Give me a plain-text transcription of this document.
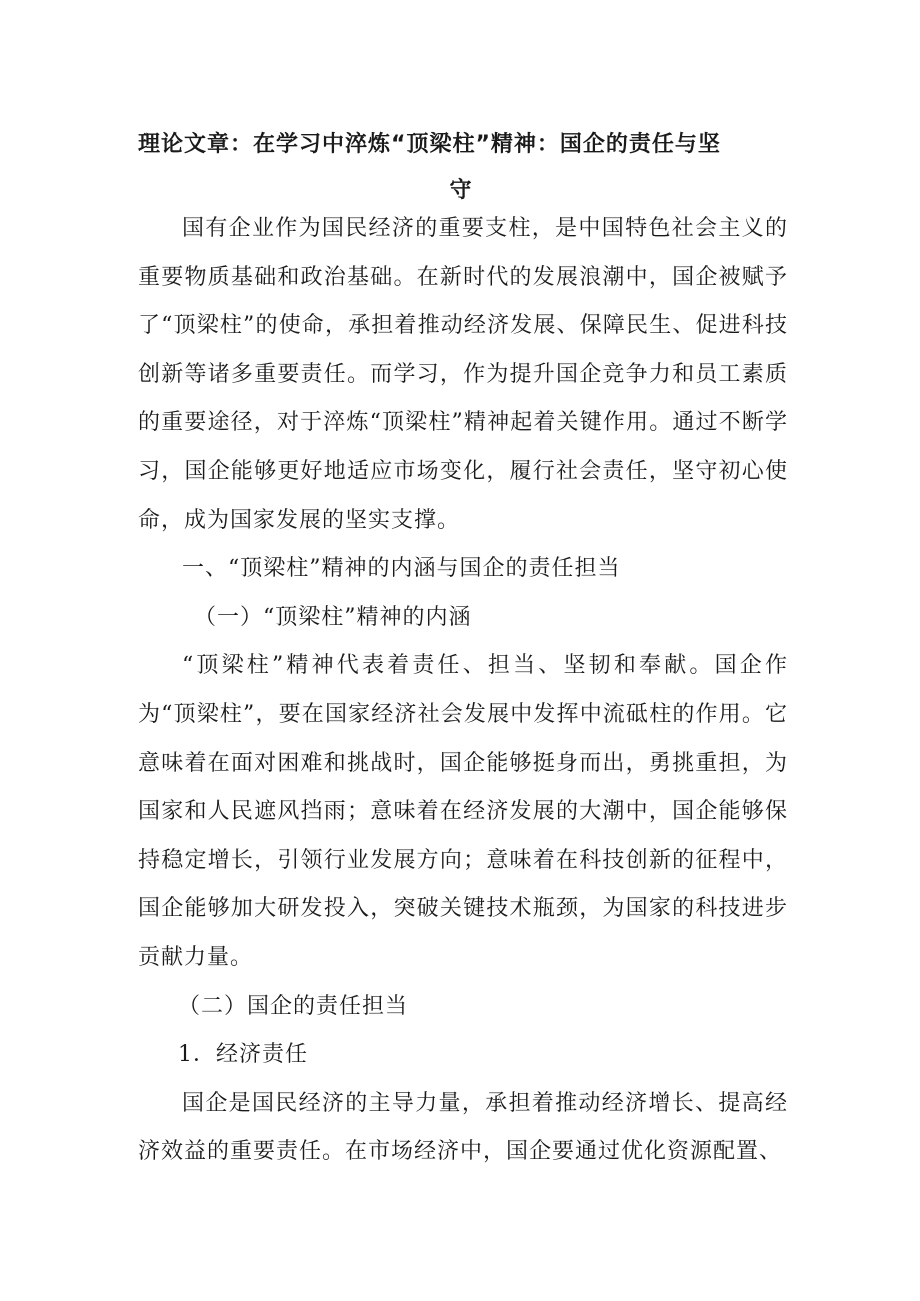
理论文章：在学习中淬炼“顶梁柱”精神：国企的责任与坚
守

国有企业作为国民经济的重要支柱，是中国特色社会主义的重要物质基础和政治基础。在新时代的发展浪潮中，国企被赋予了“顶梁柱”的使命，承担着推动经济发展、保障民生、促进科技创新等诸多重要责任。而学习，作为提升国企竞争力和员工素质的重要途径，对于淬炼“顶梁柱”精神起着关键作用。通过不断学习，国企能够更好地适应市场变化，履行社会责任，坚守初心使命，成为国家发展的坚实支撑。

一、“顶梁柱”精神的内涵与国企的责任担当

（一）“顶梁柱”精神的内涵

“顶梁柱”精神代表着责任、担当、坚韧和奉献。国企作为“顶梁柱”，要在国家经济社会发展中发挥中流砥柱的作用。它意味着在面对困难和挑战时，国企能够挺身而出，勇挑重担，为国家和人民遮风挡雨；意味着在经济发展的大潮中，国企能够保持稳定增长，引领行业发展方向；意味着在科技创新的征程中，国企能够加大研发投入，突破关键技术瓶颈，为国家的科技进步贡献力量。

（二）国企的责任担当

1．经济责任

国企是国民经济的主导力量，承担着推动经济增长、提高经济效益的重要责任。在市场经济中，国企要通过优化资源配置、
